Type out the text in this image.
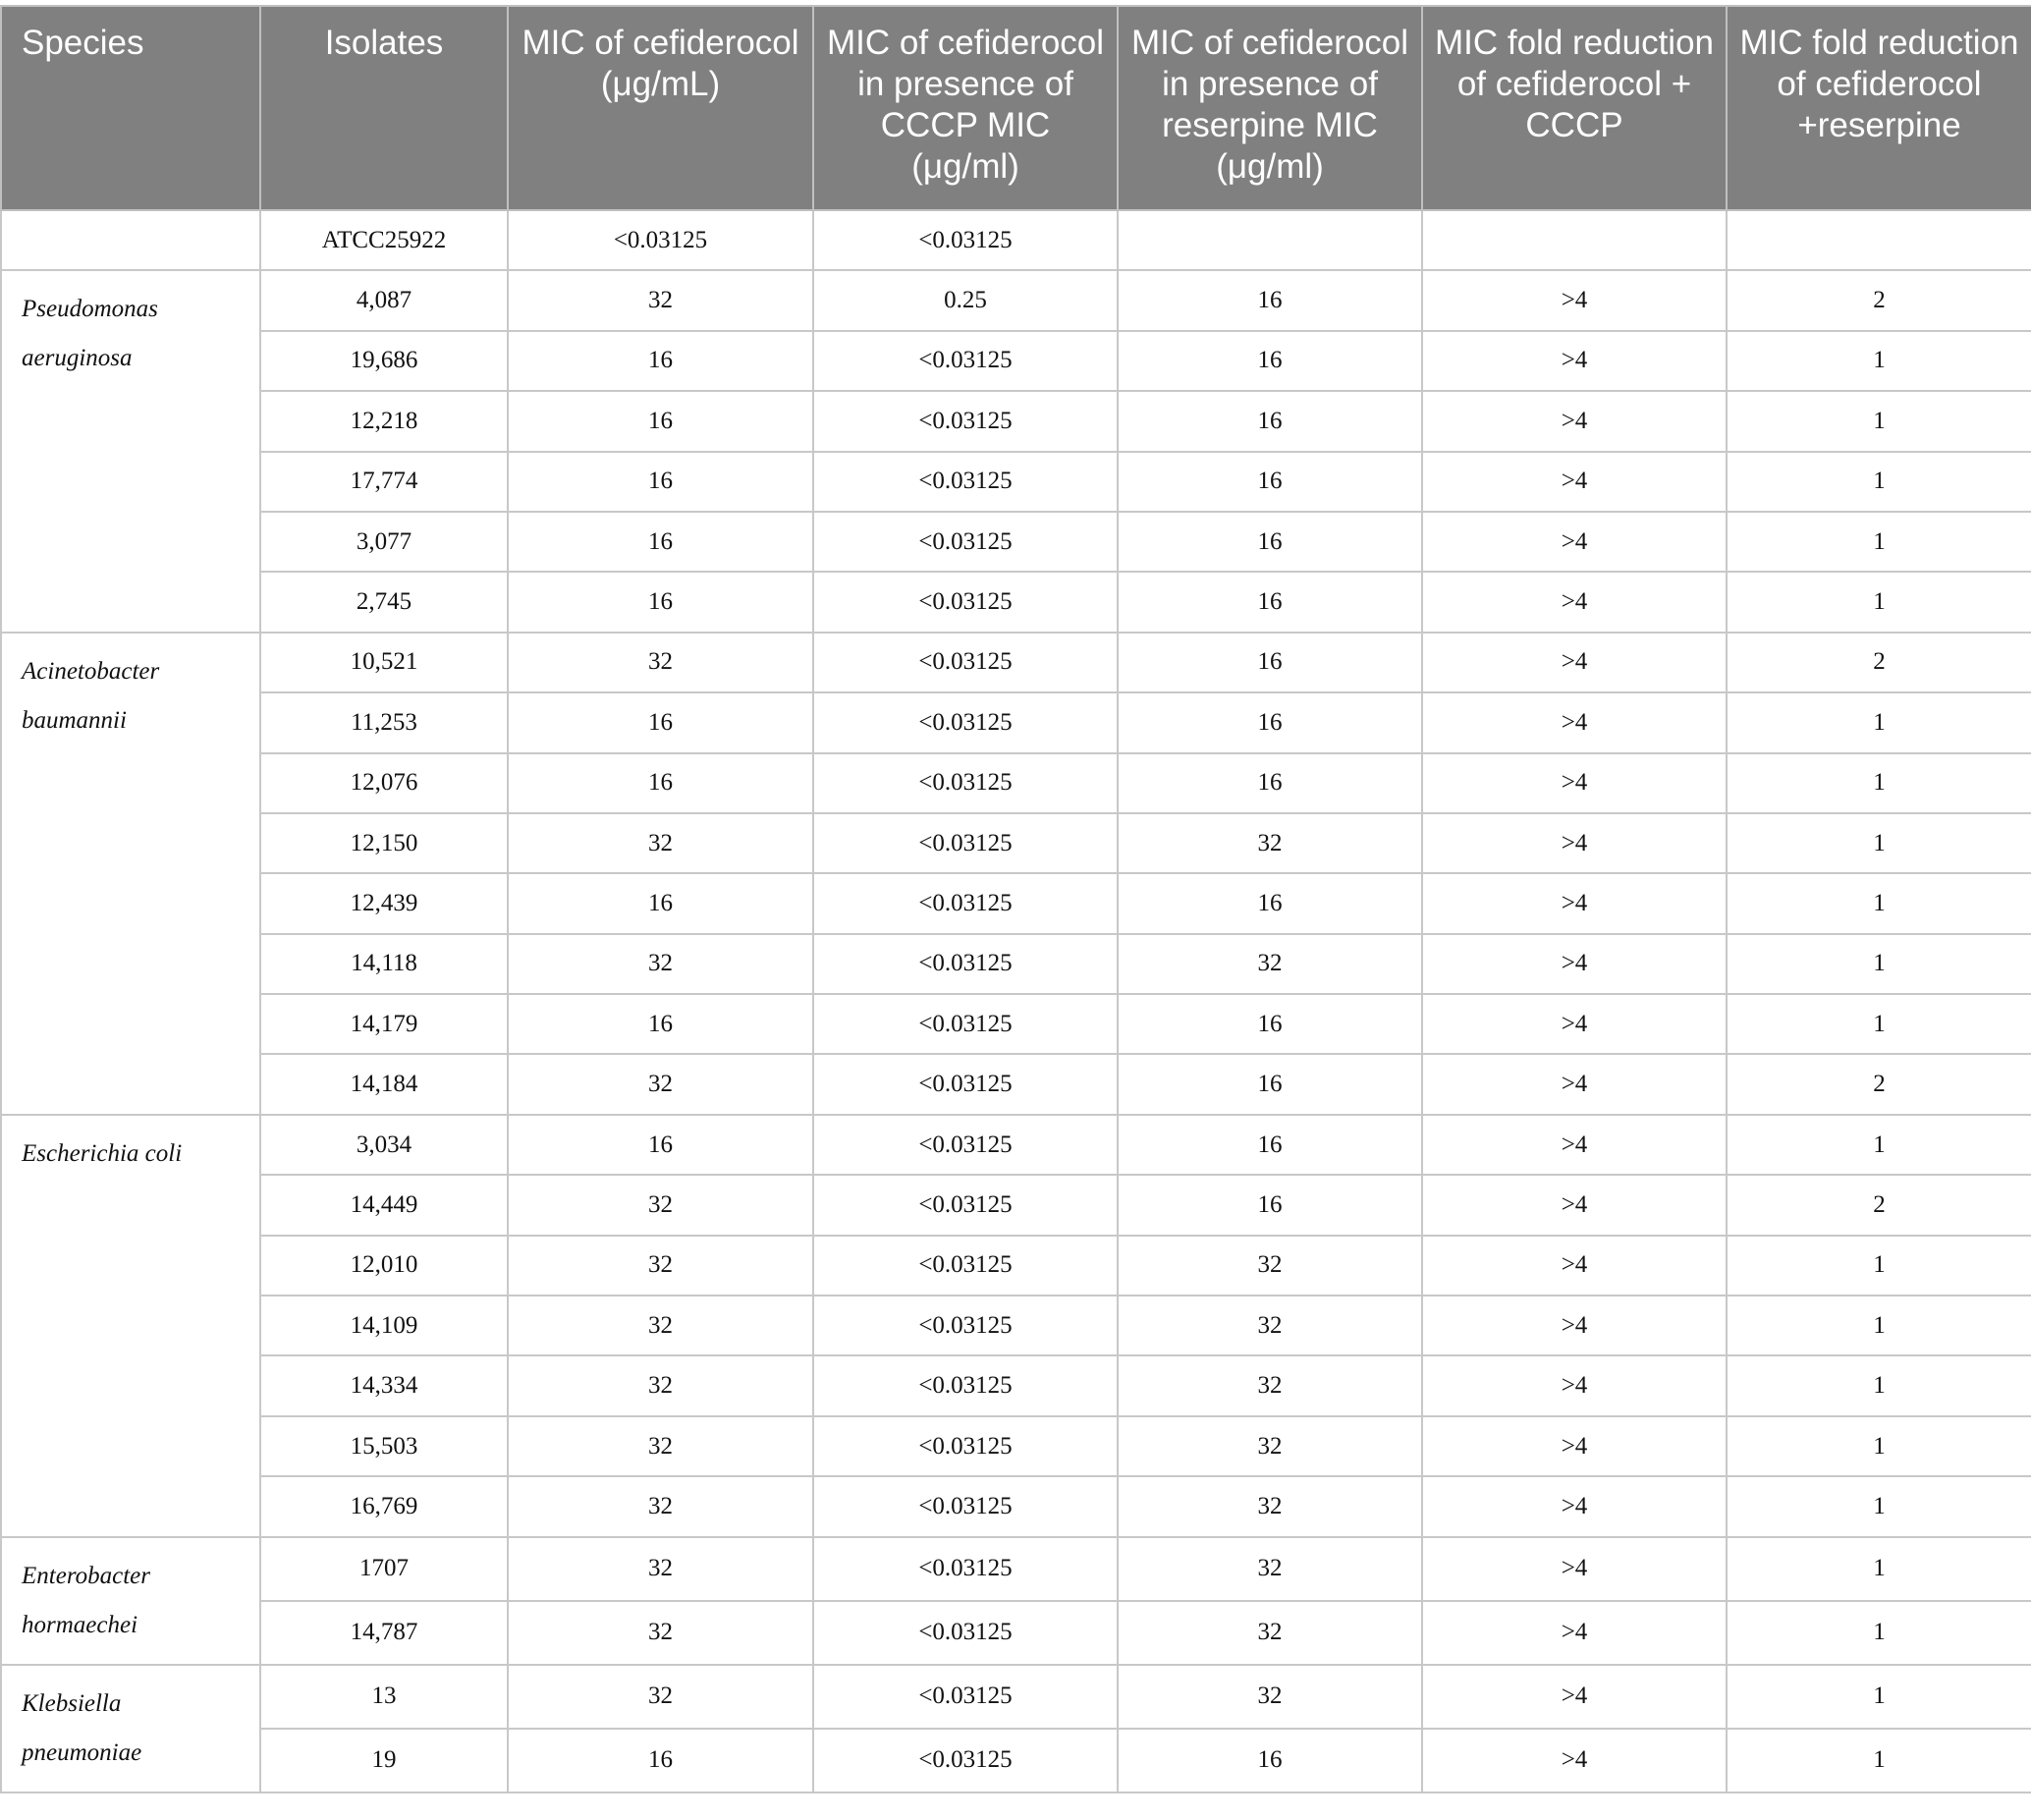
Species	Isolates	MIC of cefiderocol (μg/mL)	MIC of cefiderocol in presence of CCCP MIC (μg/ml)	MIC of cefiderocol in presence of reserpine MIC (μg/ml)	MIC fold reduction of cefiderocol + CCCP	MIC fold reduction of cefiderocol +reserpine
	ATCC25922	<0.03125	<0.03125			
Pseudomonas aeruginosa	4,087	32	0.25	16	>4	2
	19,686	16	<0.03125	16	>4	1
	12,218	16	<0.03125	16	>4	1
	17,774	16	<0.03125	16	>4	1
	3,077	16	<0.03125	16	>4	1
	2,745	16	<0.03125	16	>4	1
Acinetobacter baumannii	10,521	32	<0.03125	16	>4	2
	11,253	16	<0.03125	16	>4	1
	12,076	16	<0.03125	16	>4	1
	12,150	32	<0.03125	32	>4	1
	12,439	16	<0.03125	16	>4	1
	14,118	32	<0.03125	32	>4	1
	14,179	16	<0.03125	16	>4	1
	14,184	32	<0.03125	16	>4	2
Escherichia coli	3,034	16	<0.03125	16	>4	1
	14,449	32	<0.03125	16	>4	2
	12,010	32	<0.03125	32	>4	1
	14,109	32	<0.03125	32	>4	1
	14,334	32	<0.03125	32	>4	1
	15,503	32	<0.03125	32	>4	1
	16,769	32	<0.03125	32	>4	1
Enterobacter hormaechei	1707	32	<0.03125	32	>4	1
	14,787	32	<0.03125	32	>4	1
Klebsiella pneumoniae	13	32	<0.03125	32	>4	1
	19	16	<0.03125	16	>4	1
